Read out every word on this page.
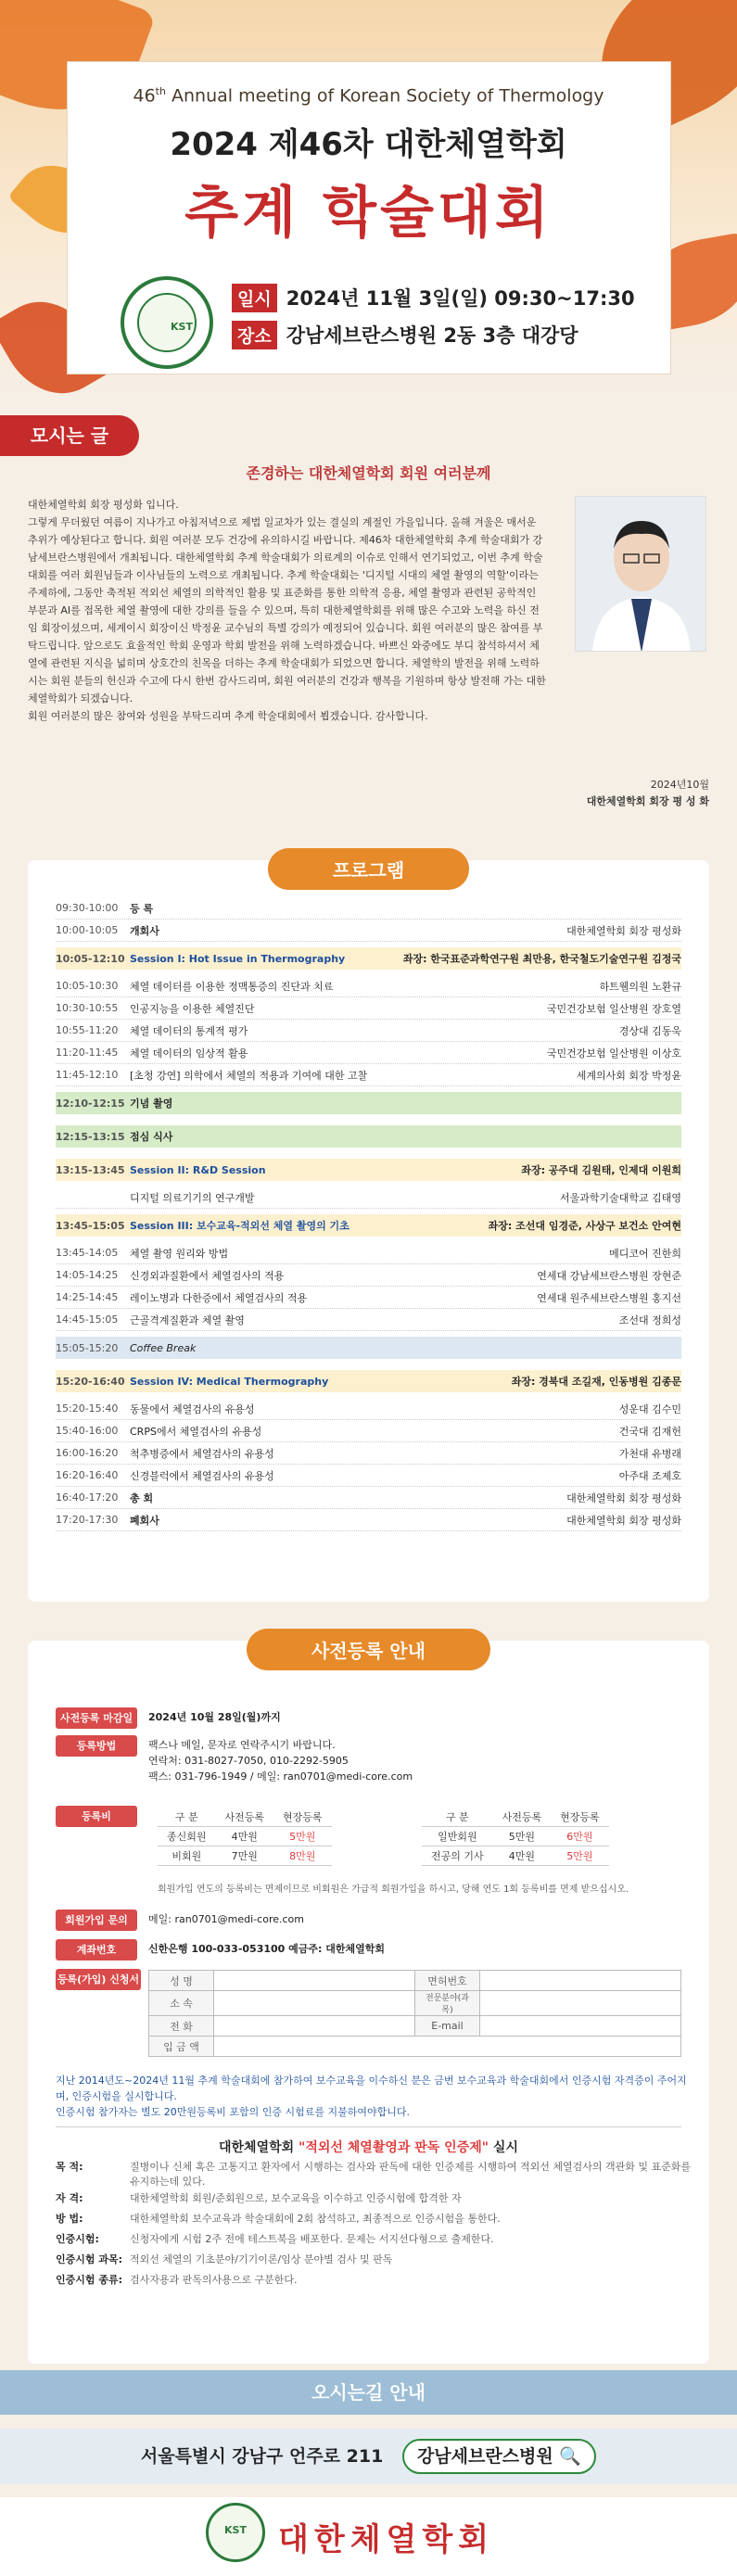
46th Annual meeting of Korean Society of Thermology
2024 제46차 대한체열학회
추계 학술대회
KST
일시 2024년 11월 3일(일) 09:30~17:30
장소 강남세브란스병원 2동 3층 대강당
모시는 글
존경하는 대한체열학회 회원 여러분께

대한체열학회 회장 평성화 입니다.

그렇게 무더웠던 여름이 지나가고 아침저녁으로 제법 일교차가 있는 결실의 계절인 가을입니다. 올해 겨울은 매서운 추위가 예상된다고 합니다. 회원 여러분 모두 건강에 유의하시길 바랍니다. 제46차 대한체열학회 추계 학술대회가 강남세브란스병원에서 개최됩니다. 대한체열학회 추계 학술대회가 의료계의 이슈로 인해서 연기되었고, 이번 추계 학술대회를 여러 회원님들과 이사님들의 노력으로 개최됩니다. 추계 학술대회는 '디지털 시대의 체열 촬영의 역할'이라는 주제하에, 그동안 축적된 적외선 체열의 의학적인 활용 및 표준화를 통한 의학적 응용, 체열 촬영과 관련된 공학적인 부분과 AI를 접목한 체열 촬영에 대한 강의를 들을 수 있으며, 특히 대한체열학회를 위해 많은 수고와 노력을 하신 전임 회장이셨으며, 세계이시 회장이신 박정윤 교수님의 특별 강의가 예정되어 있습니다. 회원 여러분의 많은 참여를 부탁드립니다. 앞으로도 효율적인 학회 운영과 학회 발전을 위해 노력하겠습니다. 바쁘신 와중에도 부디 참석하셔서 체열에 관련된 지식을 넓히며 상호간의 친목을 더하는 추계 학술대회가 되었으면 합니다. 체열학의 발전을 위해 노력하시는 회원 분들의 헌신과 수고에 다시 한번 감사드리며, 회원 여러분의 건강과 행복을 기원하며 항상 발전해 가는 대한체열학회가 되겠습니다.

회원 여러분의 많은 참여와 성원을 부탁드리며 추계 학술대회에서 뵙겠습니다. 감사합니다.

2024년10월
대한체열학회 회장 평 성 화
프로그램
09:30-10:00	등 록
10:00-10:05	개회사	대한체열학회 회장 평성화
10:05-12:10 Session I: Hot Issue in Thermography	좌장: 한국표준과학연구원 최만용, 한국철도기술연구원 김정국
10:05-10:30	체열 데이터를 이용한 정맥통증의 진단과 치료	하트웰의원 노환규
10:30-10:55	인공지능을 이용한 체열진단	국민건강보험 일산병원 장호열
10:55-11:20	체열 데이터의 통계적 평가	경상대 김동욱
11:20-11:45	체열 데이터의 임상적 활용	국민건강보험 일산병원 이상호
11:45-12:10	[초청 강연] 의학에서 체열의 적용과 기여에 대한 고찰	세계의사회 회장 박정윤
12:10-12:15 기념 촬영
12:15-13:15 점심 식사
13:15-13:45 Session II: R&D Session	좌장: 공주대 김원태, 인제대 이원희
디지털 의료기기의 연구개발	서울과학기술대학교 김태영
13:45-15:05 Session III: 보수교육-적외선 체열 촬영의 기초	좌장: 조선대 임경준, 사상구 보건소 안여현
13:45-14:05	체열 촬영 원리와 방법	메디코어 진한희
14:05-14:25	신경외과질환에서 체열검사의 적용	연세대 강남세브란스병원 장현준
14:25-14:45	레이노병과 다한증에서 체열검사의 적용	연세대 원주세브란스병원 홍지선
14:45-15:05	근골격계질환과 체열 촬영	조선대 정희성
15:05-15:20	Coffee Break
15:20-16:40 Session IV: Medical Thermography	좌장: 경북대 조길재, 인동병원 김종문
15:20-15:40	동물에서 체열검사의 유용성	성운대 김수민
15:40-16:00	CRPS에서 체열검사의 유용성	건국대 김재헌
16:00-16:20	척추병증에서 체열검사의 유용성	가천대 유병래
16:20-16:40	신경블럭에서 체열검사의 유용성	아주대 조제호
16:40-17:20	총 회	대한체열학회 회장 평성화
17:20-17:30	폐회사	대한체열학회 회장 평성화
사전등록 안내
사전등록 마감일 2024년 10월 28일(월)까지
등록방법	팩스나 메일, 문자로 연락주시기 바랍니다.
연락처: 031-8027-7050, 010-2292-5905
팩스: 031-796-1949 / 메일: ran0701@medi-core.com
등록비	구 분	사전등록	현장등록
종신회원	4만원	5만원
비회원	7만원	8만원
구 분	사전등록	현장등록
일반회원	5만원	6만원
전공의 기사	4만원	5만원
회원가입 연도의 등록비는 면제이므로 비회원은 가급적 회원가입을 하시고, 당해 연도 1회 등록비를 면제 받으십시오.
회원가입 문의 메일: ran0701@medi-core.com
계좌번호	신한은행 100-033-053100 예금주: 대한체열학회
등록(가입) 신청서	성 명		면허번호	
소 속		전문분야(과목)	
전 화		E-mail	
입 금 액			
지난 2014년도~2024년 11월 추계 학술대회에 참가하여 보수교육을 이수하신 분은 금번 보수교육과 학술대회에서 인증시험 자격증이 주어지며, 인증시험을 실시합니다.
인증시험 참가자는 별도 20만원등록비 포함의 인증 시험료를 지불하여야합니다.
대한체열학회 "적외선 체열촬영과 판독 인증제" 실시
목 적:	질병이나 신체 혹은 고통지고 환자에서 시행하는 검사와 판독에 대한 인증제를 시행하여 적외선 체열검사의 객관화 및 표준화를 유지하는데 있다.
자 격:	대한체열학회 회원/준회원으로, 보수교육을 이수하고 인증시험에 합격한 자
방 법:	대한체열학회 보수교육과 학술대회에 2회 참석하고, 최종적으로 인증시험을 통한다.
인증시험:	신청자에게 시험 2주 전에 테스트북을 배포한다. 문제는 서지선다형으로 출제한다.
인증시험 과목: 적외선 체열의 기초분야/기기이론/임상 분야별 검사 및 판독
인증시험 종류: 검사자용과 판독의사용으로 구분한다.
오시는길 안내
서울특별시 강남구 언주로 211 강남세브란스병원 🔍
KST	대한체열학회
